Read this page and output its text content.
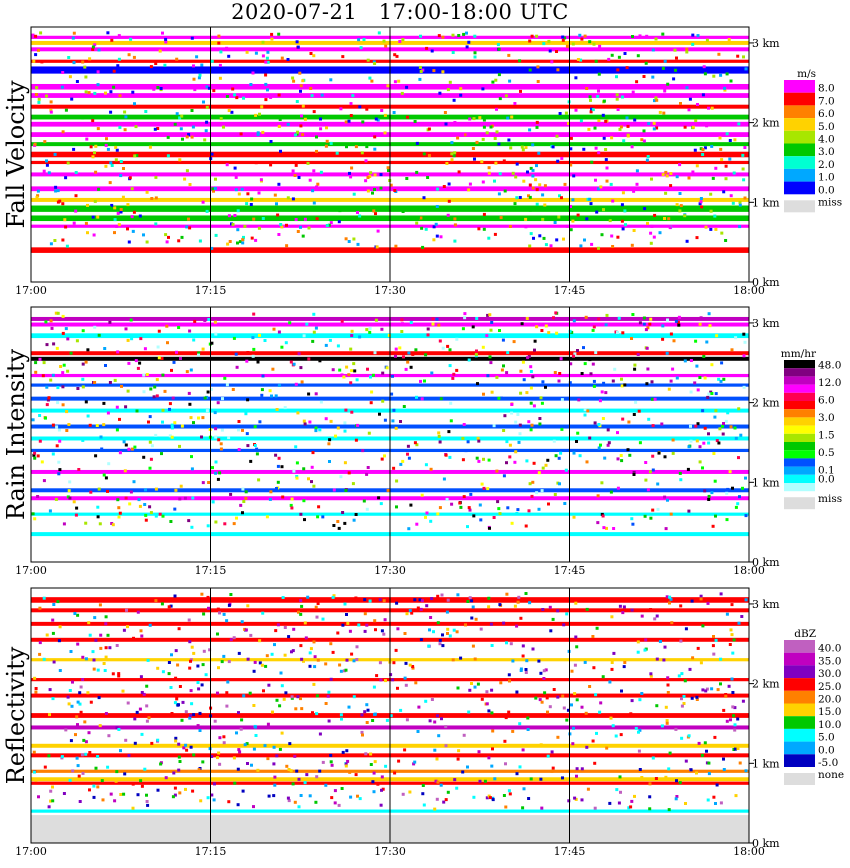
2020-07-21   17:00-18:00 UTC
17:00	17:15	17:30	17:45	18:00
0 km
1 km
2 km
3 km
Fall Velocity
m/s
8.0
7.0
6.0
5.0
4.0
3.0
2.0
1.0
0.0
miss
17:00	17:15	17:30	17:45	18:00
0 km
1 km
2 km
3 km
Rain Intensity	mm/hr
48.0
12.0
6.0
3.0
1.5
0.5
0.1
0.0
miss
17:00	17:15	17:30	17:45	18:00
0 km
1 km
2 km
3 km
Reflectivity
dBZ
40.0
35.0
30.0
25.0
20.0
15.0
10.0
5.0
0.0
-5.0
none
